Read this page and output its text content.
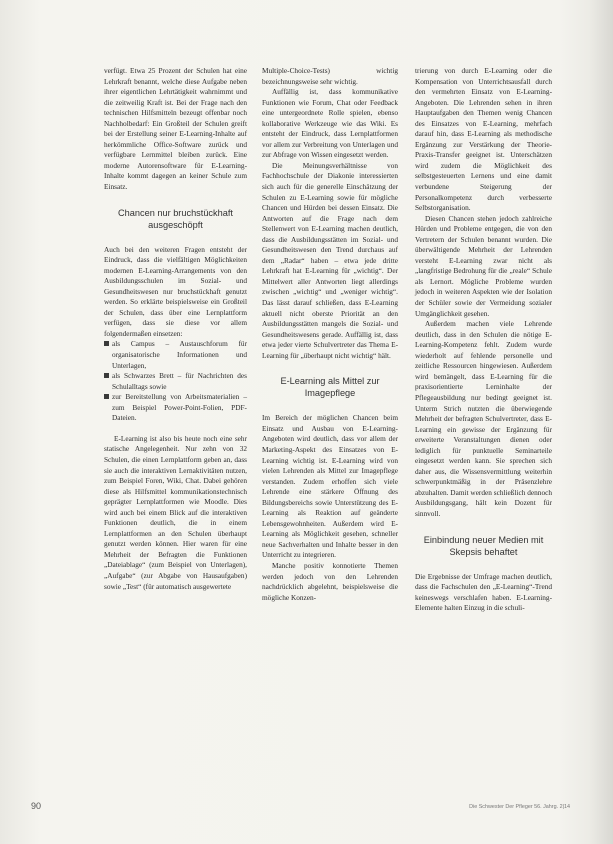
verfügt. Etwa 25 Prozent der Schulen hat eine Lehrkraft benannt, welche diese Aufgabe neben ihrer eigentlichen Lehrtätigkeit wahrnimmt und die zeitweilig Kraft ist. Bei der Frage nach den technischen Hilfsmitteln bezeugt offenbar noch Nachholbedarf: Ein Großteil der Schulen greift bei der Erstellung seiner E-Learning-Inhalte auf herkömmliche Office-Software zurück und verfügbare Lernmittel bleiben zurück. Eine moderne Autorensoftware für E-Learning-Inhalte kommt dagegen an keiner Schule zum Einsatz.

Chancen nur bruchstückhaft ausgeschöpft

Auch bei den weiteren Fragen entsteht der Eindruck, dass die vielfältigen Möglichkeiten modernen E-Learning-Arrangements von den Ausbildungsschulen im Sozial- und Gesundheitswesen nur bruchstückhaft genutzt werden. So erklärte beispielsweise ein Großteil der Schulen, dass über eine Lernplattform verfügen, dass sie diese vor allem folgendermaßen einsetzen:

als Campus – Austauschforum für organisatorische Informationen und Unterlagen,

als Schwarzes Brett – für Nachrichten des Schulalltags sowie

zur Bereitstellung von Arbeitsmaterialien – zum Beispiel Power-Point-Folien, PDF-Dateien.

E-Learning ist also bis heute noch eine sehr statische Angelegenheit. Nur zehn von 32 Schulen, die einen Lernplattform geben an, dass sie auch die interaktiven Lernaktivitäten nutzen, zum Beispiel Foren, Wiki, Chat. Dabei gehören diese als Hilfsmittel kommunikationstechnisch geprägter Lernplattformen wie Moodle. Dies wird auch bei einem Blick auf die interaktiven Funktionen deutlich, die in einem Lernplattformen an den Schulen überhaupt genutzt werden können. Hier waren für eine Mehrheit der Befragten die Funktionen „Dateiablage“ (zum Beispiel von Unterlagen), „Aufgabe“ (zur Abgabe von Hausaufgaben) sowie „Test“ (für automatisch ausgewertete

Multiple-Choice-Tests) wichtig bezeichnungsweise sehr wichtig.

Auffällig ist, dass kommunikative Funktionen wie Forum, Chat oder Feedback eine untergeordnete Rolle spielen, ebenso kollaborative Werkzeuge wie das Wiki. Es entsteht der Eindruck, dass Lernplattformen vor allem zur Verbreitung von Unterlagen und zur Abfrage von Wissen eingesetzt werden.

Die Meinungsverhältnisse von Fachhochschule der Diakonie interessierten sich auch für die generelle Einschätzung der Schulen zu E-Learning sowie für mögliche Chancen und Hürden bei dessen Einsatz. Die Antworten auf die Frage nach dem Stellenwert von E-Learning machen deutlich, dass die Ausbildungsstätten im Sozial- und Gesundheitswesen den Trend durchaus auf dem „Radar“ haben – etwa jede dritte Lehrkraft hat E-Learning für „wichtig“. Der Mittelwert aller Antworten liegt allerdings zwischen „wichtig“ und „weniger wichtig“. Das lässt darauf schließen, dass E-Learning aktuell nicht oberste Priorität an den Ausbildungsstätten mangels die Sozial- und Gesundheitswesens gerade. Auffällig ist, dass etwa jeder vierte Schulvertreter das Thema E-Learning für „überhaupt nicht wichtig“ hält.

E-Learning als Mittel zur Imagepflege

Im Bereich der möglichen Chancen beim Einsatz und Ausbau von E-Learning-Angeboten wird deutlich, dass vor allem der Marketing-Aspekt des Einsatzes von E-Learning wichtig ist. E-Learning wird von vielen Lehrenden als Mittel zur Imagepflege verstanden. Zudem erhoffen sich viele Lehrende eine stärkere Öffnung des Bildungsbereichs sowie Unterstützung des E-Learning als Reaktion auf geänderte Lebensgewohnheiten. Außerdem wird E-Learning als Möglichkeit gesehen, schneller neue Sachverhalten und Inhalte besser in den Unterricht zu integrieren.

Manche positiv konnotierte Themen werden jedoch von den Lehrenden nachdrücklich abgelehnt, beispielsweise die mögliche Konzen-

trierung von durch E-Learning oder die Kompensation von Unterrichtsausfall durch den vermehrten Einsatz von E-Learning-Angeboten. Die Lehrenden sehen in ihren Hauptaufgaben den Themen wenig Chancen des Einsatzes von E-Learning, mehrfach darauf hin, dass E-Learning als methodische Ergänzung zur Verstärkung der Theorie-Praxis-Transfer geeignet ist. Unterschätzen wird zudem die Möglichkeit des selbstgesteuerten Lernens und eine damit verbundene Steigerung der Personalkompetenz durch verbesserte Selbstorganisation.

Diesen Chancen stehen jedoch zahlreiche Hürden und Probleme entgegen, die von den Vertretern der Schulen benannt wurden. Die überwältigende Mehrheit der Lehrenden versteht E-Learning zwar nicht als „langfristige Bedrohung für die „reale“ Schule als Lernort. Mögliche Probleme wurden jedoch in weiteren Aspekten wie der Isolation der Schüler sowie der Vermeidung sozialer Umgänglichkeit gesehen.

Außerdem machen viele Lehrende deutlich, dass in den Schulen die nötige E-Learning-Kompetenz fehlt. Zudem wurde wiederholt auf fehlende personelle und zeitliche Ressourcen hingewiesen. Außerdem wird bemängelt, dass E-Learning für die praxisorientierte Lerninhalte der Pflegeausbildung nur bedingt geeignet ist. Unterm Strich nutzten die überwiegende Mehrheit der befragten Schulvertreter, dass E-Learning ein gewisse der Ergänzung für erweiterte Veranstaltungen dienen oder lediglich für punktuelle Seminarteile eingesetzt werden kann. Sie sprechen sich daher aus, die Wissensvermittlung weiterhin schwerpunktmäßig in der Präsenzlehre abzuhalten. Damit werden schließlich dennoch Ausbildungsgang, hält kein Dozent für sinnvoll.

Einbindung neuer Medien mit Skepsis behaftet

Die Ergebnisse der Umfrage machen deutlich, dass die Fachschulen den „E-Learning“-Trend keineswegs verschlafen haben. E-Learning-Elemente halten Einzug in die schuli-

90	Die Schwester Der Pfleger 56. Jahrg. 2|14
